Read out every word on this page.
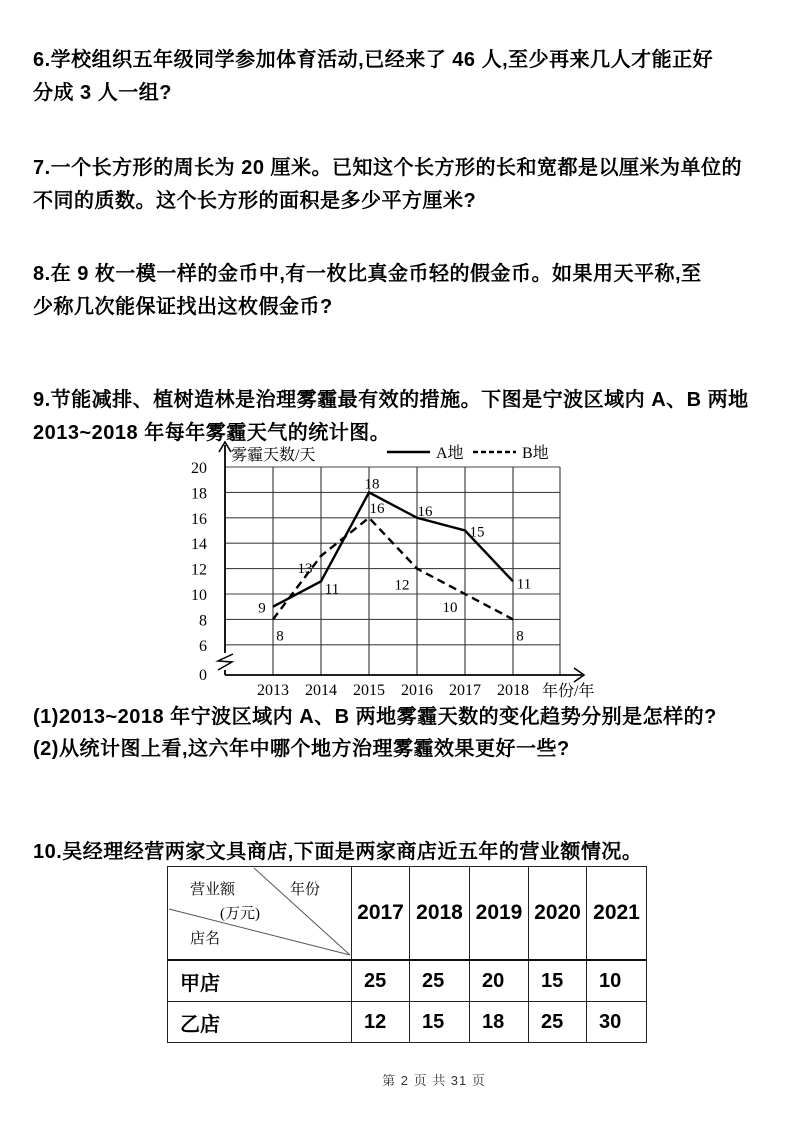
6.学校组织五年级同学参加体育活动,已经来了 46 人,至少再来几人才能正好
分成 3 人一组?
7.一个长方形的周长为 20 厘米。已知这个长方形的长和宽都是以厘米为单位的
不同的质数。这个长方形的面积是多少平方厘米?
8.在 9 枚一模一样的金币中,有一枚比真金币轻的假金币。如果用天平称,至
少称几次能保证找出这枚假金币?
9.节能减排、植树造林是治理雾霾最有效的措施。下图是宁波区域内 A、B 两地
2013~2018 年每年雾霾天气的统计图。
0
6
8
10
12
14
16
18
20
2013 2014 2015 2016 2017 2018
雾霾天数/天
年份/年
A地	B地
9
11
18
16
15
11
8
13
16
12
10
8
(1)2013~2018 年宁波区域内 A、B 两地雾霾天数的变化趋势分别是怎样的?
(2)从统计图上看,这六年中哪个地方治理雾霾效果更好一些?
10.吴经理经营两家文具商店,下面是两家商店近五年的营业额情况。
营业额 年份
(万元)
店名	2017	2018	2019	2020	2021
甲店	25	25	20	15	10
乙店	12	15	18	25	30
第 2 页 共 31 页
